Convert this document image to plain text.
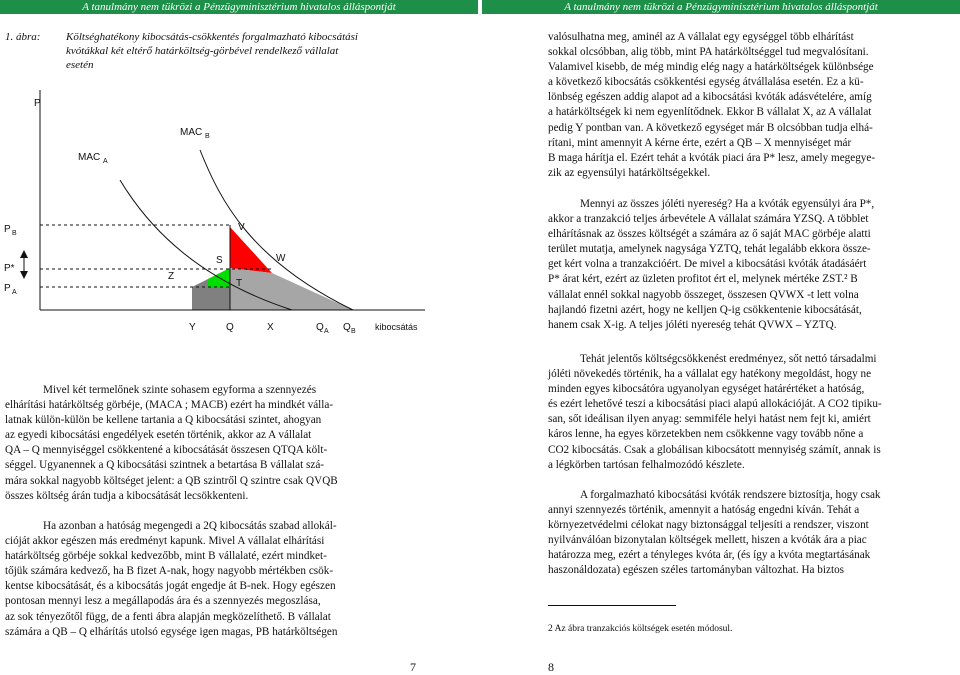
A tanulmány nem tükrözi a Pénzügyminisztérium hivatalos álláspontját	A tanulmány nem tükrözi a Pénzügyminisztérium hivatalos álláspontját
1. ábra: Költséghatékony kibocsátás-csökkentés forgalmazható kibocsátási
kvótákkal két eltérő határköltség-görbével rendelkező vállalat
esetén
P
P B
P*
P A
MAC A
MAC B
V
W
S
T
Z
Y	Q	X	Q A Q B kibocsátás
Mivel két termelőnek szinte sohasem egyforma a szennyezés
elhárítási határköltség görbéje, (MACA ; MACB) ezért ha mindkét válla-
latnak külön-külön be kellene tartania a Q kibocsátási szintet, ahogyan
az egyedi kibocsátási engedélyek esetén történik, akkor az A vállalat
QA – Q mennyiséggel csökkentené a kibocsátását összesen QTQA költ-
séggel. Ugyanennek a Q kibocsátási szintnek a betartása B vállalat szá-
mára sokkal nagyobb költséget jelent: a QB szintről Q szintre csak QVQB
összes költség árán tudja a kibocsátását lecsökkenteni.
Ha azonban a hatóság megengedi a 2Q kibocsátás szabad allokál-
cióját akkor egészen más eredményt kapunk. Mivel A vállalat elhárítási
határköltség görbéje sokkal kedvezőbb, mint B vállalaté, ezért mindket-
tőjük számára kedvező, ha B fizet A-nak, hogy nagyobb mértékben csök-
kentse kibocsátását, és a kibocsátás jogát engedje át B-nek. Hogy egészen
pontosan mennyi lesz a megállapodás ára és a szennyezés megoszlása,
az sok tényezőtől függ, de a fenti ábra alapján megközelíthető. B vállalat
számára a QB – Q elhárítás utolsó egysége igen magas, PB határköltségen
7
valósulhatna meg, aminél az A vállalat egy egységgel több elhárítást
sokkal olcsóbban, alig több, mint PA határköltséggel tud megvalósítani.
Valamivel kisebb, de még mindig elég nagy a határköltségek különbsége
a következő kibocsátás csökkentési egység átvállalása esetén. Ez a kü-
lönbség egészen addig alapot ad a kibocsátási kvóták adásvételére, amíg
a határköltségek ki nem egyenlítődnek. Ekkor B vállalat X, az A vállalat
pedig Y pontban van. A következő egységet már B olcsóbban tudja elhá-
rítani, mint amennyit A kérne érte, ezért a QB – X mennyiséget már
B maga hárítja el. Ezért tehát a kvóták piaci ára P* lesz, amely megegye-
zik az egyensúlyi határköltségekkel.
Mennyi az összes jóléti nyereség? Ha a kvóták egyensúlyi ára P*,
akkor a tranzakció teljes árbevétele A vállalat számára YZSQ. A többlet
elhárításnak az összes költségét a számára az ő saját MAC görbéje alatti
terület mutatja, amelynek nagysága YZTQ, tehát legalább ekkora össze-
get kért volna a tranzakcióért. De mivel a kibocsátási kvóták átadásáért
P* árat kért, ezért az üzleten profitot ért el, melynek mértéke ZST.² B
vállalat ennél sokkal nagyobb összeget, összesen QVWX -t lett volna
hajlandó fizetni azért, hogy ne kelljen Q-ig csökkentenie kibocsátását,
hanem csak X-ig. A teljes jóléti nyereség tehát QVWX – YZTQ.
Tehát jelentős költségcsökkenést eredményez, sőt nettó társadalmi
jóléti növekedés történik, ha a vállalat egy hatékony megoldást, hogy ne
minden egyes kibocsátóra ugyanolyan egységet határértéket a hatóság,
és ezért lehetővé teszi a kibocsátási piaci alapú allokációját. A CO2 tipiku-
san, sőt ideálisan ilyen anyag: semmiféle helyi hatást nem fejt ki, amiért
káros lenne, ha egyes körzetekben nem csökkenne vagy tovább nőne a
CO2 kibocsátás. Csak a globálisan kibocsátott mennyiség számít, annak is
a légkörben tartósan felhalmozódó készlete.
A forgalmazható kibocsátási kvóták rendszere biztosítja, hogy csak
annyi szennyezés történik, amennyit a hatóság engedni kíván. Tehát a
környezetvédelmi célokat nagy biztonsággal teljesíti a rendszer, viszont
nyilvánválóan bizonytalan költségek mellett, hiszen a kvóták ára a piac
határozza meg, ezért a tényleges kvóta ár, (és így a kvóta megtartásának
haszonáldozata) egészen széles tartományban változhat. Ha biztos
2 Az ábra tranzakciós költségek esetén módosul.
8
